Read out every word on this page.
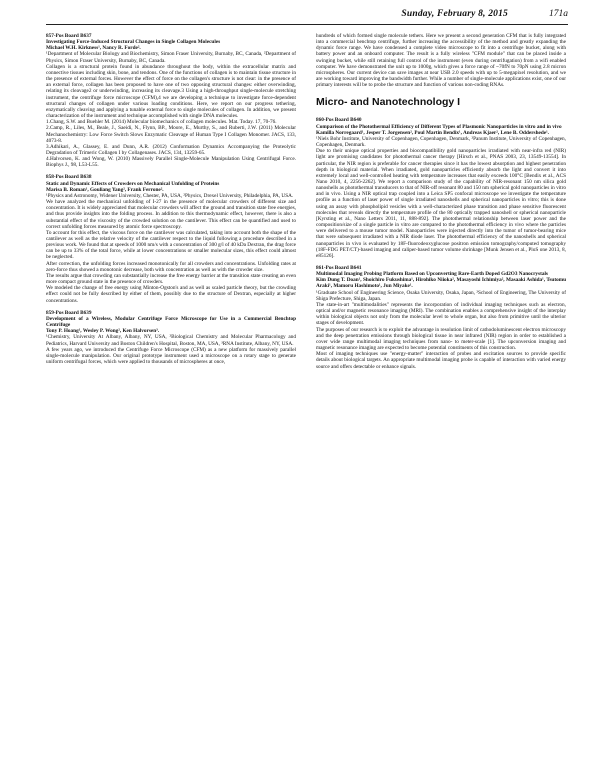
Sunday, February 8, 2015	171a
857-Pos Board B637
Investigating Force-Induced Structural Changes in Single Collagen Molecules
Michael W.H. Kirkness¹, Nancy R. Forde².
¹Department of Molecular Biology and Biochemistry, Simon Fraser University, Burnaby, BC, Canada, ²Department of Physics, Simon Fraser University, Burnaby, BC, Canada.

Collagen is a structural protein found in abundance throughout the body, within the extracellular matrix and connective tissues including skin, bone, and tendons. One of the functions of collagen is to maintain tissue structure in the presence of external forces. However the effect of force on the collagen's structure is not clear: in the presence of an external force, collagen has been proposed to have one of two opposing structural changes: either overwinding, relating its cleavage2 or underwinding, increasing its cleavage.3 Using a high-throughput single-molecule stretching instrument, the centrifuge force microscope (CFM),4 we are developing a technique to investigate force-dependent structural changes of collagen under various loading conditions. Here, we report on our progress tethering, enzymatically cleaving and applying a tunable external force to single molecules of collagen. In addition, we present characterization of the instrument and technique accomplished with single DNA molecules.

1.Chang, S.W. and Buehler M. (2014) Molecular biomechanics of collagen molecules. Mat. Today. 17, 70-76.
2.Camp, R., Liles, M., Beale, J., Saeidi, N., Flynn, BP., Moore, E., Murthy, S., and Ruberti, J.W. (2011) Molecular Mechanochemistry: Low Force Switch Slows Enzymatic Cleavage of Human Type I Collagen Monomer. JACS, 133, 4073-8.
3.Adhikari, A., Glassey, E. and Dunn, A.R. (2012) Conformation Dynamics Accompanying the Proteolytic Degradation of Trimeric Collagen I by Collagenases. JACS, 134, 13259-65.
4.Halvorsen, K. and Wong, W. (2010) Massively Parallel Single-Molecule Manipulation Using Centrifugal Force. Biophys J., 98, L53-L55.
858-Pos Board B638
Static and Dynamic Effects of Crowders on Mechanical Unfolding of Proteins
Marisa B. Roman¹, Gouliang Yang², Frank Ferrone².
¹Physics and Astronomy, Widener University, Chester, PA, USA, ²Physics, Drexel University, Philadelphia, PA, USA.

We have analyzed the mechanical unfolding of I-27 in the presence of molecular crowders of different size and concentration. It is widely appreciated that molecular crowders will affect the ground and transition state free energies, and thus provide insights into the folding process. In addition to this thermodynamic effect, however, there is also a substantial effect of the viscosity of the crowded solution on the cantilever. This effect can be quantified and used to correct unfolding forces measured by atomic force spectroscopy.

To account for this effect, the viscous force on the cantilever was calculated, taking into account both the shape of the cantilever as well as the relative velocity of the cantilever respect to the liquid following a procedure described in a previous work. We found that at speeds of 1000 nm/s with a concentration of 300 g/l of 40 kDa Dextran, the drag force can be up to 33% of the total force, while at lower concentrations or smaller molecular sizes, this effect could almost be neglected.

After correction, the unfolding forces increased monotonically for all crowders and concentrations. Unfolding rates at zero-force thus showed a monotonic decrease, both with concentration as well as with the crowder size.

The results argue that crowding can substantially increase the free energy barrier at the transition state creating an even more compact ground state in the presence of crowders.

We modeled the change of free energy using Minton-Ogston's and as well as scaled particle theory, but the crowding effect could not be fully described by either of them, possibly due to the structure of Dextran, especially at higher concentrations.

859-Pos Board B639
Development of a Wireless, Modular Centrifuge Force Microscope for Use in a Commercial Benchtop Centrifuge
Tony P. Hoang¹, Wesley P. Wong², Ken Halvorsen³.
¹Chemistry, University At Albany, Albany, NY, USA, ²Biological Chemistry and Molecular Pharmacology and Pediatrics, Harvard University and Boston Children's Hospital, Boston, MA, USA, ³RNA Institute, Albany, NY, USA.

A few years ago, we introduced the Centrifuge Force Microscope (CFM) as a new platform for massively parallel single-molecule manipulation. Our original prototype instrument used a microscope on a rotary stage to generate uniform centrifugal forces, which were applied to thousands of microspheres at once,

hundreds of which formed single molecule tethers. Here we present a second generation CFM that is fully integrated into a commercial benchtop centrifuge, further increasing the accessibility of the method and greatly expanding the dynamic force range. We have condensed a complete video microscope to fit into a centrifuge bucket, along with battery power and an onboard computer. The result is a fully wireless "CFM module" that can be placed inside a swinging bucket, while still retaining full control of the instrument (even during centrifugation) from a wifi enabled computer. We have demonstrated the unit up to 1000g, which gives a force range of ~70fN to 70pN using 2.8 micron microspheres. Our current device can save images at near USB 2.0 speeds with up to 5-megapixel resolution, and we are working toward improving the bandwidth further. While a number of single-molecule applications exist, one of our primary interests will be to probe the structure and function of various non-coding RNAs.

Micro- and Nanotechnology I
860-Pos Board B640
Comparison of the Photothermal Efficiency of Different Types of Plasmonic Nanoparticles in vitro and in vivo
Kamilla Norregaard¹, Jesper T. Jorgensen², Poul Martin Bendix¹, Andreas Kjaer², Lene B. Oddershede¹.
¹Niels Bohr Institute, University of Copenhagen, Copenhagen, Denmark, ²Panum Institute, University of Copenhagen, Copenhagen, Denmark.

Due to their unique optical properties and biocompatibility gold nanoparticles irradiated with near-infra red (NIR) light are promising candidates for photothermal cancer therapy [Hirsch et al., PNAS 2003, 23, 13549-13554]. In particular, the NIR region is preferable for cancer therapies since it has the lowest absorption and highest penetration depth in biological material. When irradiated, gold nanoparticles efficiently absorb the light and convert it into extremely local and well-controlled heating with temperature increases that easily exceeds 100°C [Bendix et al., ACS Nano 2010, 4, 2256-2262]. We report a comparison study of the capability of NIR-resonant 150 nm silica gold nanoshells as photothermal transducers to that of NIR-off resonant 80 and 150 nm spherical gold nanoparticles in vitro and in vivo. Using a NIR optical trap coupled into a Leica SP5 confocal microscope we investigate the temperature profile as a function of laser power of single irradiated nanoshells and spherical nanoparticles in vitro; this is done using an assay with phospholipid vesicles with a well-characterized phase transition and phase sensitive fluorescent molecules that reveals directly the temperature profile of the 80 optically trapped nanoshell or spherical nanoparticle [Kyrsting et al., Nano Letters 2011, 11, 888-892]. The photothermal relationship between laser power and the composition/size of a single particle in vitro are compared to the photothermal efficiency in vivo where the particles were delivered to a mouse tumor model. Nanoparticles were injected directly into the tumor of tumor-bearing mice that were subsequent irradiated with a NIR diode laser. The photothermal efficiency of the nanoshells and spherical nanoparticles in vivo is evaluated by 18F-fluorodeoxyglucose positron emission tomography/computed tomography (18F-FDG PET/CT)-based imaging and caliper-based tumor volume shrinkage [Munk Jensen et al., PloS one 2013, 8, e85126].

861-Pos Board B641
Multimodal Imaging Probing Platform Based on Upconverting Rare-Earth Doped Gd2O3 Nanocrystals
Kim Dung T. Doan¹, Shoichiro Fukushima¹, Hirohiko Niioka², Masayoshi Ichimiya², Masaaki Ashida¹, Tsutomu Araki¹, Mamoru Hashimoto¹, Jun Miyake¹.
¹Graduate School of Engineering Science, Osaka University, Osaka, Japan, ²School of Engineering, The University of Shiga Prefecture, Shiga, Japan.

The state-in-art "multimodalities" represents the incorporation of individual imaging techniques such as electron, optical and/or magnetic resonance imaging (MRI). The combination enables a comprehensive insight of the interplay within biological objects not only from the molecular level to whole organ, but also from primitive until the ulterior stages of development.

The purposes of our research is to exploit the advantage in resolution limit of cathodoluminescent electron microscopy and the deep penetration emissions through biological tissue in near infrared (NIR) region in order to established a cover wide range multimodal imaging techniques from nano- to meter-scale [1]. The upconversion imaging and magnetic resonance imaging are expected to become potential constituents of this construction.

Most of imaging techniques use "energy-matter" interaction of probes and excitation sources to provide specific details about biological targets. An appropriate multimodal imaging probe is capable of interaction with varied energy source and offers detectable or enhance signals.
